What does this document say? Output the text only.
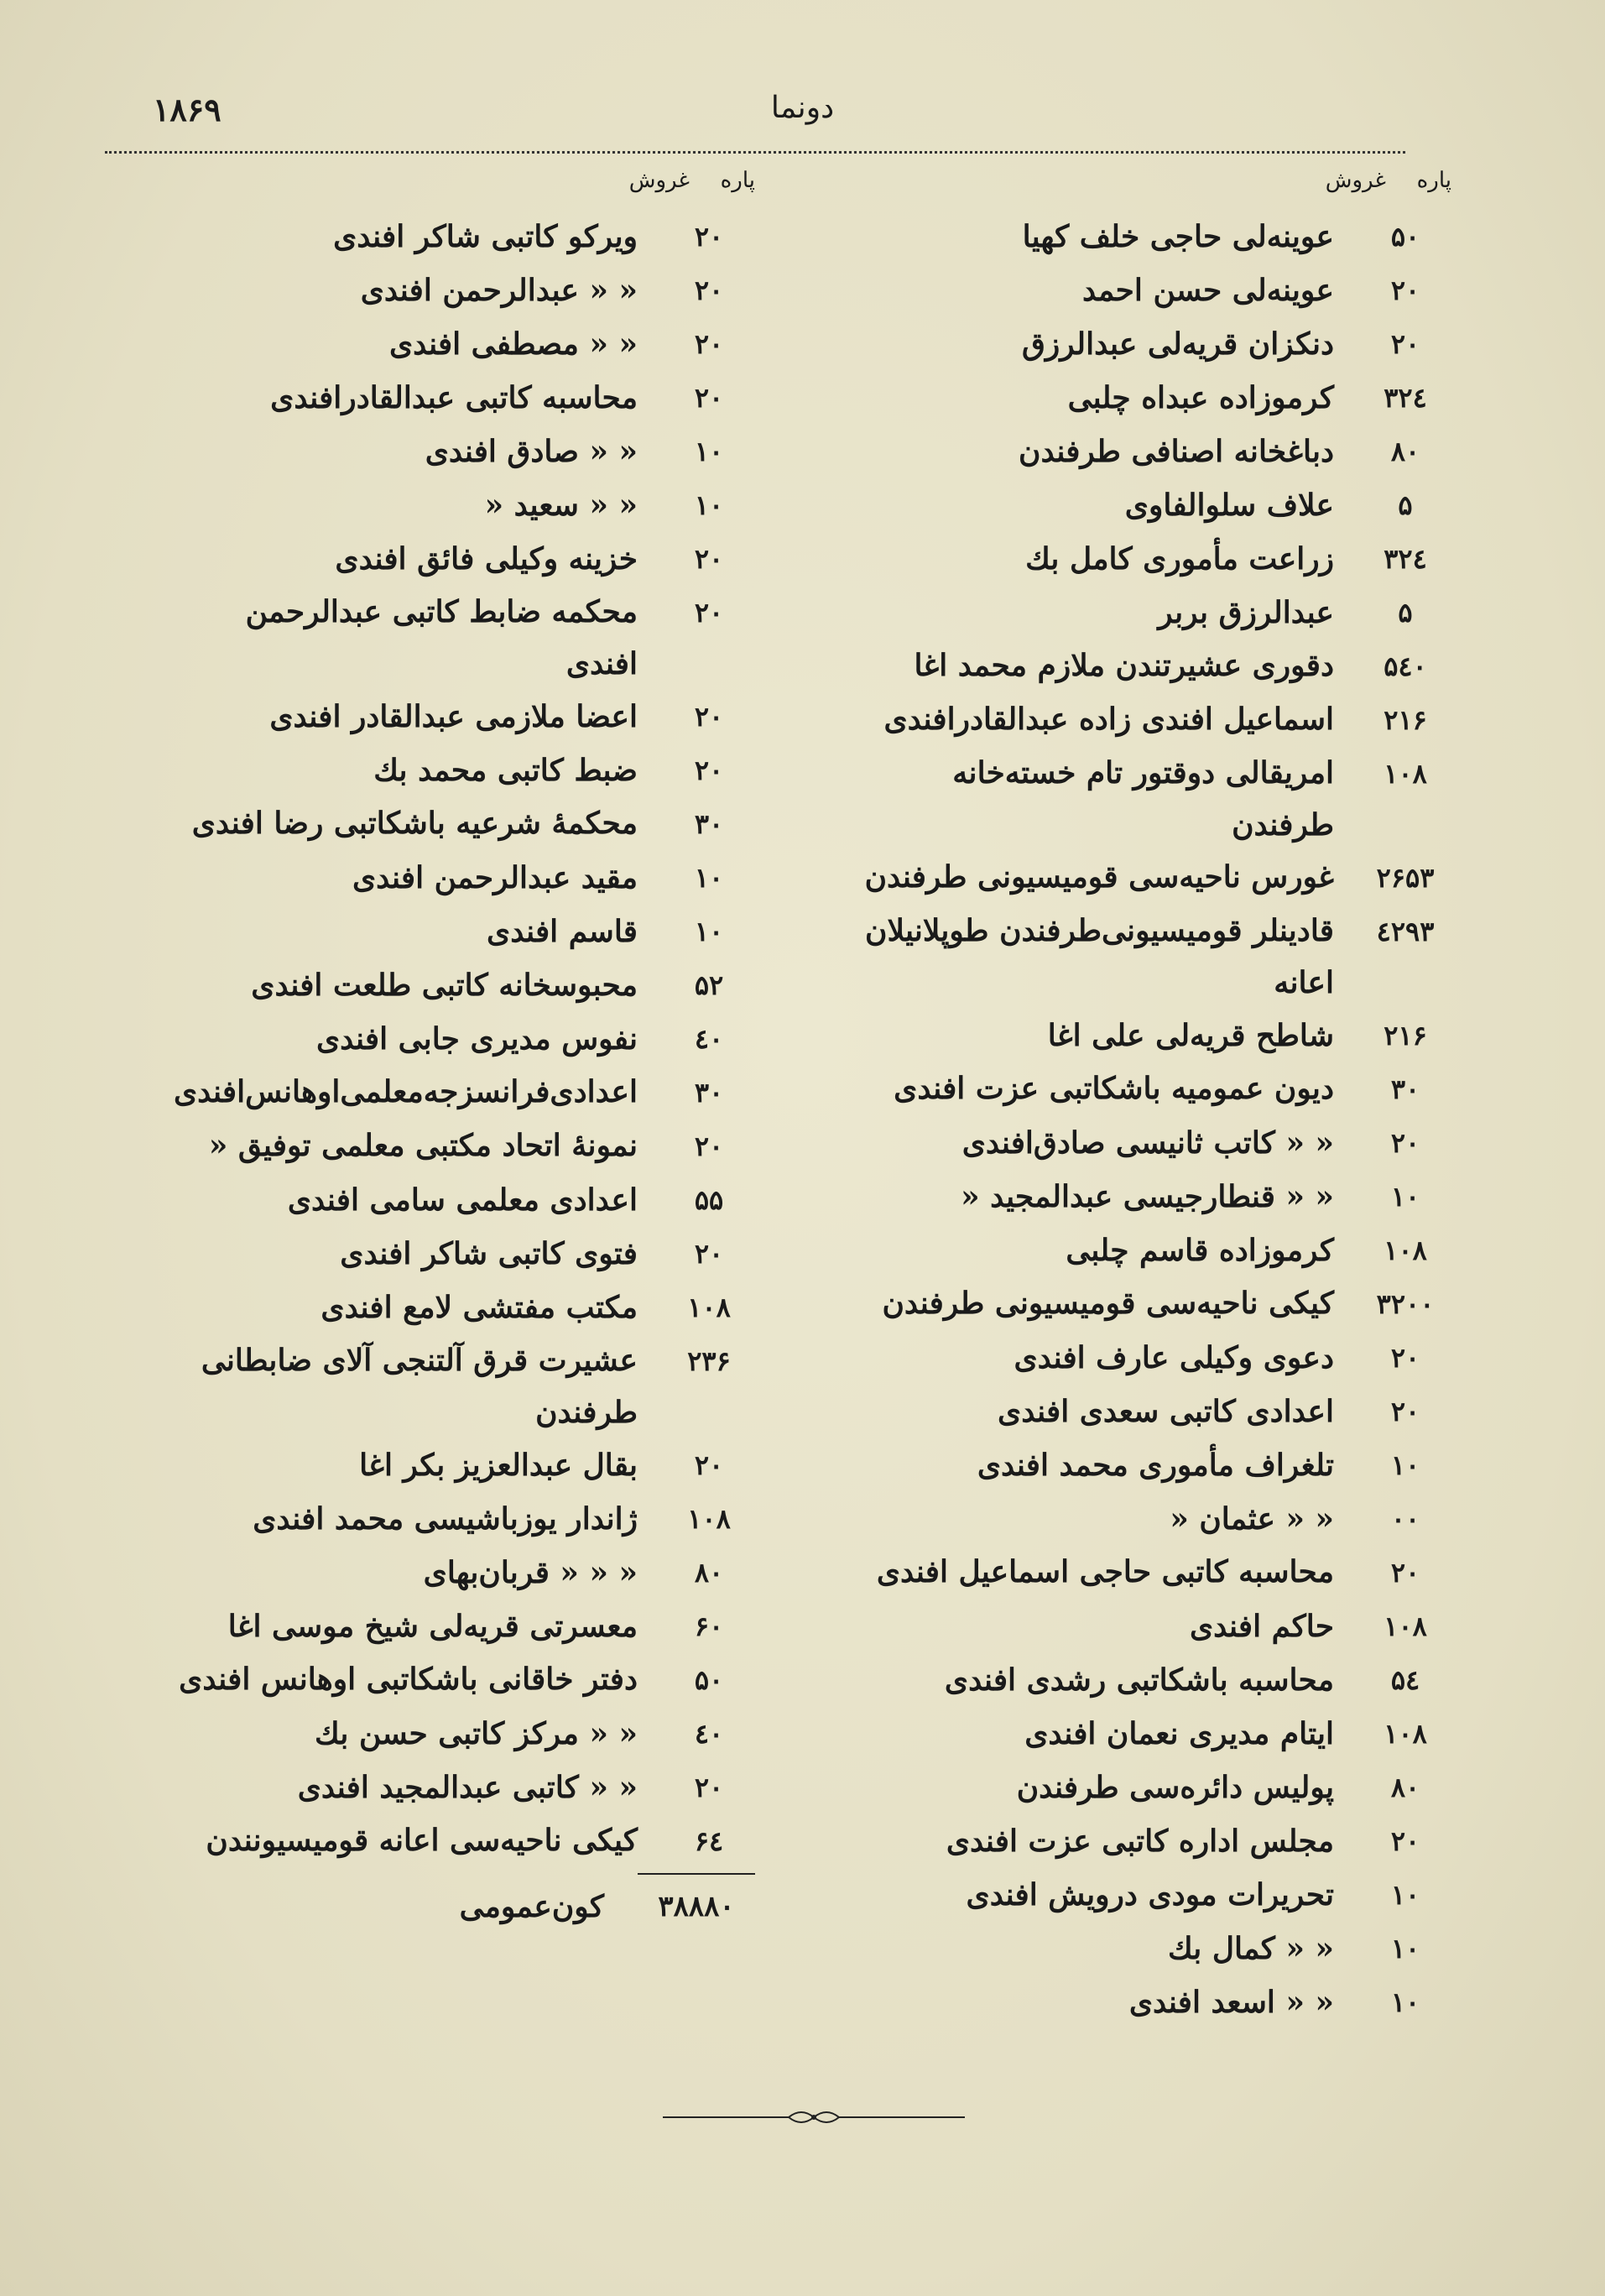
۱۸۶۹	دونما
پاره
غروش
۵۰
عوینه‌لی حاجی خلف کهیا
۲۰
عوینه‌لی حسن احمد
۲۰
دنکزان قریه‌لی عبدالرزق
۳۲٤
کرموزاده عبداه چلبی
۸۰
دباغخانه اصنافی طرفندن
۵
علاف سلوالفاوی
۳۲٤
زراعت مأموری کامل بك
۵
عبدالرزق بربر
۵٤۰
دقوری عشیرتندن ملازم محمد اغا
۲۱۶
اسماعیل افندی زاده عبدالقادرافندی
۱۰۸
امریقالی دوقتور تام خسته‌خانه طرفندن
۲۶۵۳
غورس ناحیه‌سی قومیسیونی طرفندن
٤۲۹۳
قادینلر قومیسیونی‌طرفندن طوپلانیلان اعانه
۲۱۶
شاطح قریه‌لی علی اغا
۳۰
دیون عمومیه باشکاتبی عزت افندی
۲۰
« « کاتب ثانیسی صادق‌افندی
۱۰
« « قنطارجیسی عبدالمجید «
۱۰۸
کرموزاده قاسم چلبی
۳۲۰۰
کیکی ناحیه‌سی قومیسیونی طرفندن
۲۰
دعوی وکیلی عارف افندی
۲۰
اعدادی کاتبی سعدی افندی
۱۰
تلغراف مأموری محمد افندی
۰۰
« « عثمان «
۲۰
محاسبه کاتبی حاجی اسماعیل افندی
۱۰۸
حاکم افندی
۵٤
محاسبه باشکاتبی رشدی افندی
۱۰۸
ایتام مدیری نعمان افندی
۸۰
پولیس دائره‌سی طرفندن
۲۰
مجلس اداره کاتبی عزت افندی
۱۰
تحریرات مودی درویش افندی
۱۰
« « کمال بك
۱۰
« « اسعد افندی
پاره
غروش
۲۰
ویرکو کاتبی شاکر افندی
۲۰
« « عبدالرحمن افندی
۲۰
« « مصطفی افندی
۲۰
محاسبه کاتبی عبدالقادرافندی
۱۰
« « صادق افندی
۱۰
« « سعید «
۲۰
خزینه وکیلی فائق افندی
۲۰
محکمه ضابط کاتبی عبدالرحمن افندی
۲۰
اعضا ملازمی عبدالقادر افندی
۲۰
ضبط کاتبی محمد بك
۳۰
محکمهٔ شرعیه باشکاتبی رضا افندی
۱۰
مقید عبدالرحمن افندی
۱۰
قاسم افندی
۵۲
محبوسخانه کاتبی طلعت افندی
٤۰
نفوس مدیری جابی افندی
۳۰
اعدادی‌فرانسزجه‌معلمی‌اوهانس‌افندی
۲۰
نمونهٔ اتحاد مکتبی معلمی توفیق «
۵۵
اعدادی معلمی سامی افندی
۲۰
فتوی کاتبی شاکر افندی
۱۰۸
مکتب مفتشی لامع افندی
۲۳۶
عشیرت قرق آلتنجی آلای ضابطانی طرفندن
۲۰
بقال عبدالعزیز بکر اغا
۱۰۸
ژاندار یوزباشیسی محمد افندی
۸۰
« « « قربان‌بهای
۶۰
معسرتی قریه‌لی شیخ موسی اغا
۵۰
دفتر خاقانی باشکاتبی اوهانس افندی
٤۰
« « مرکز کاتبی حسن بك
۲۰
« « کاتبی عبدالمجید افندی
۶٤
کیکی ناحیه‌سی اعانه قومیسیونندن
۳۸۸۸۰
کون‌عمومی
